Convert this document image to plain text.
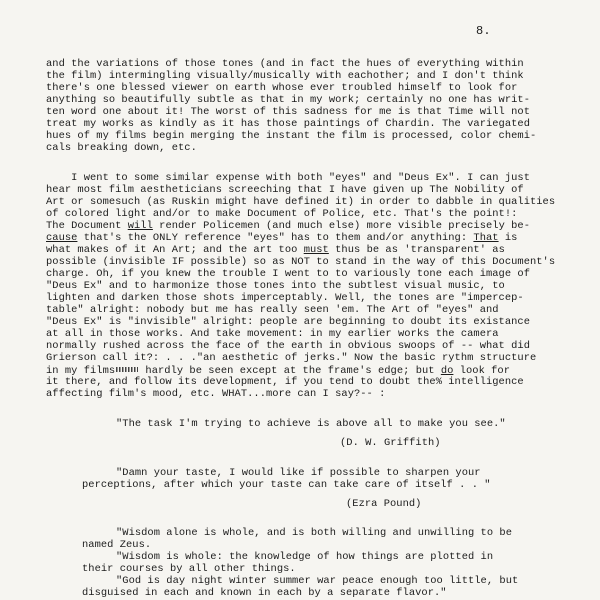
8.
and the variations of those tones (and in fact the hues of everything within
the film) intermingling visually/musically with eachother; and I don't think
there's one blessed viewer on earth whose ever troubled himself to look for
anything so beautifully subtle as that in my work; certainly no one has writ-
ten word one about it! The worst of this sadness for me is that Time will not
treat my works as kindly as it has those paintings of Chardin. The variegated
hues of my films begin merging the instant the film is processed, color chemi-
cals breaking down, etc.
I went to some similar expense with both "eyes" and "Deus Ex". I can just
hear most film aestheticians screeching that I have given up The Nobility of
Art or somesuch (as Ruskin might have defined it) in order to dabble in qualities
of colored light and/or to make Document of Police, etc. That's the point!:
The Document will render Policemen (and much else) more visible precisely be-
cause that's the ONLY reference "eyes" has to them and/or anything: That is
what makes of it An Art; and the art too must thus be as 'transparent' as
possible (invisible IF possible) so as NOT to stand in the way of this Document's
charge. Oh, if you knew the trouble I went to to variously tone each image of
"Deus Ex" and to harmonize those tones into the subtlest visual music, to
lighten and darken those shots imperceptably. Well, the tones are "impercep-
table" alright: nobody but me has really seen 'em. The Art of "eyes" and
"Deus Ex" is "invisible" alright: people are beginning to doubt its existance
at all in those works. And take movement: in my earlier works the camera
normally rushed across the face of the earth in obvious swoops of -- what did
Grierson call it?: . . ."an aesthetic of jerks." Now the basic rythm structure
in my films hardly be seen except at the frame's edge; but do look for
it there, and follow its development, if you tend to doubt the% intelligence
affecting film's mood, etc. WHAT...more can I say?-- :
"The task I'm trying to achieve is above all to make you see."
(D. W. Griffith)
"Damn your taste, I would like if possible to sharpen your
perceptions, after which your taste can take care of itself . . "
(Ezra Pound)
"Wisdom alone is whole, and is both willing and unwilling to be
named Zeus.
"Wisdom is whole: the knowledge of how things are plotted in
their courses by all other things.
"God is day night winter summer war peace enough too little, but
disguised in each and known in each by a separate flavor."
